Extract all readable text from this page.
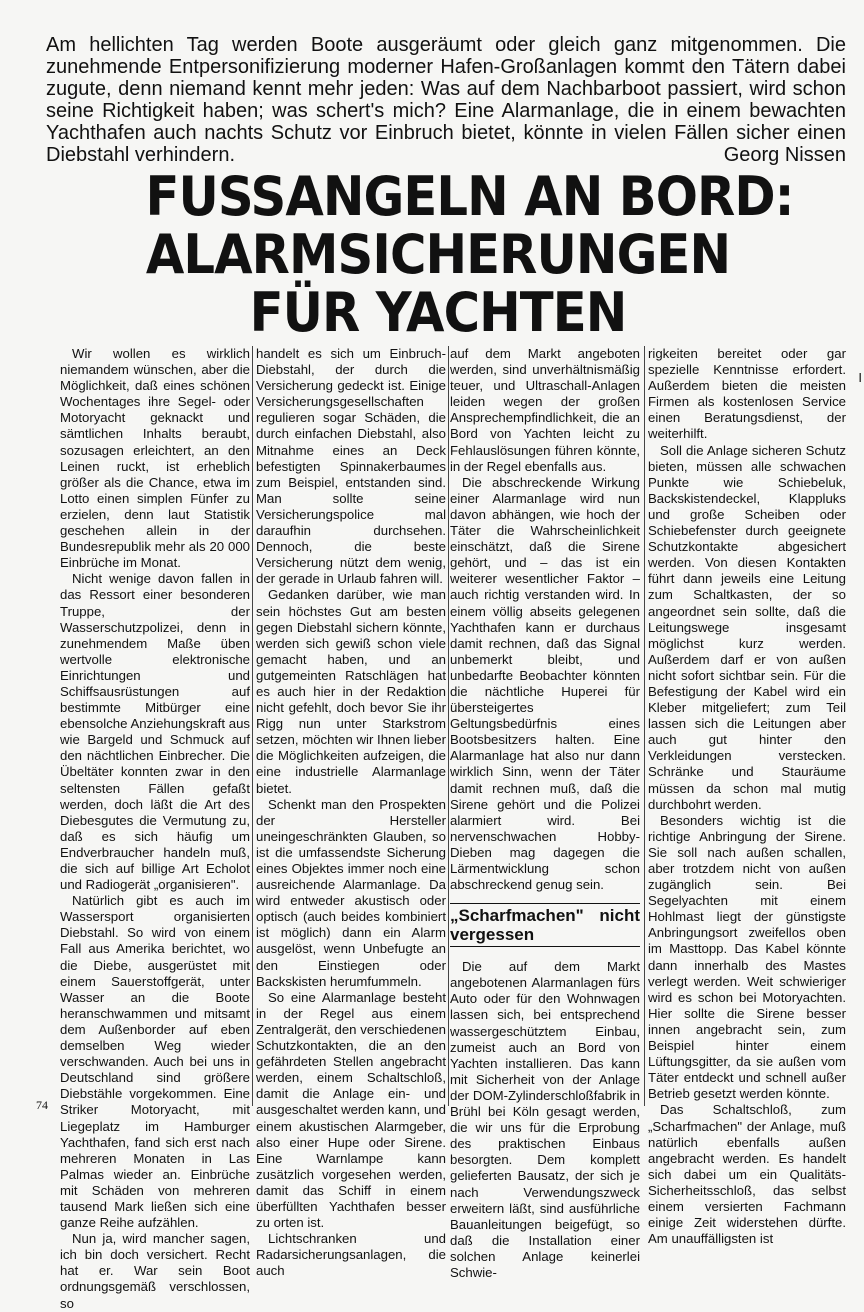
Am hellichten Tag werden Boote ausgeräumt oder gleich ganz mitgenommen. Die zunehmende Entpersonifizierung moderner Hafen-Großanlagen kommt den Tätern dabei zugute, denn niemand kennt mehr jeden: Was auf dem Nachbarboot passiert, wird schon seine Richtigkeit haben; was schert's mich? Eine Alarmanlage, die in einem bewachten Yachthafen auch nachts Schutz vor Einbruch bietet, könnte in vielen Fällen sicher einen Diebstahl verhindern.	Georg Nissen
FUSSANGELN AN BORD:
ALARMSICHERUNGEN
FÜR YACHTEN

Wir wollen es wirklich niemandem wünschen, aber die Möglichkeit, daß eines schönen Wochentages ihre Segel- oder Motoryacht geknackt und sämtlichen Inhalts beraubt, sozusagen erleichtert, an den Leinen ruckt, ist erheblich größer als die Chance, etwa im Lotto einen simplen Fünfer zu erzielen, denn laut Statistik geschehen allein in der Bundesrepublik mehr als 20 000 Einbrüche im Monat.

Nicht wenige davon fallen in das Ressort einer besonderen Truppe, der Wasserschutzpolizei, denn in zunehmendem Maße üben wertvolle elektronische Einrichtungen und Schiffsausrüstungen auf bestimmte Mitbürger eine ebensolche Anziehungskraft aus wie Bargeld und Schmuck auf den nächtlichen Einbrecher. Die Übeltäter konnten zwar in den seltensten Fällen gefaßt werden, doch läßt die Art des Diebesgutes die Vermutung zu, daß es sich häufig um Endverbraucher handeln muß, die sich auf billige Art Echolot und Radiogerät „organisieren".

Natürlich gibt es auch im Wassersport organisierten Diebstahl. So wird von einem Fall aus Amerika berichtet, wo die Diebe, ausgerüstet mit einem Sauerstoffgerät, unter Wasser an die Boote heranschwammen und mitsamt dem Außenborder auf eben demselben Weg wieder verschwanden. Auch bei uns in Deutschland sind größere Diebstähle vorgekommen. Eine Striker Motoryacht, mit Liegeplatz im Hamburger Yachthafen, fand sich erst nach mehreren Monaten in Las Palmas wieder an. Einbrüche mit Schäden von mehreren tausend Mark ließen sich eine ganze Reihe aufzählen.

Nun ja, wird mancher sagen, ich bin doch versichert. Recht hat er. War sein Boot ordnungsgemäß verschlossen, so

handelt es sich um Einbruch-Diebstahl, der durch die Versicherung gedeckt ist. Einige Versicherungsgesellschaften regulieren sogar Schäden, die durch einfachen Diebstahl, also Mitnahme eines an Deck befestigten Spinnakerbaumes zum Beispiel, entstanden sind. Man sollte seine Versicherungspolice mal daraufhin durchsehen. Dennoch, die beste Versicherung nützt dem wenig, der gerade in Urlaub fahren will.

Gedanken darüber, wie man sein höchstes Gut am besten gegen Diebstahl sichern könnte, werden sich gewiß schon viele gemacht haben, und an gutgemeinten Ratschlägen hat es auch hier in der Redaktion nicht gefehlt, doch bevor Sie ihr Rigg nun unter Starkstrom setzen, möchten wir Ihnen lieber die Möglichkeiten aufzeigen, die eine industrielle Alarmanlage bietet.

Schenkt man den Prospekten der Hersteller uneingeschränkten Glauben, so ist die umfassendste Sicherung eines Objektes immer noch eine ausreichende Alarmanlage. Da wird entweder akustisch oder optisch (auch beides kombiniert ist möglich) dann ein Alarm ausgelöst, wenn Unbefugte an den Einstiegen oder Backskisten herumfummeln.

So eine Alarmanlage besteht in der Regel aus einem Zentralgerät, den verschiedenen Schutzkontakten, die an den gefährdeten Stellen angebracht werden, einem Schaltschloß, damit die Anlage ein- und ausgeschaltet werden kann, und einem akustischen Alarmgeber, also einer Hupe oder Sirene. Eine Warnlampe kann zusätzlich vorgesehen werden, damit das Schiff in einem überfüllten Yachthafen besser zu orten ist.

Lichtschranken und Radarsicherungsanlagen, die auch

auf dem Markt angeboten werden, sind unverhältnismäßig teuer, und Ultraschall-Anlagen leiden wegen der großen Ansprechempfindlichkeit, die an Bord von Yachten leicht zu Fehlauslösungen führen könnte, in der Regel ebenfalls aus.

Die abschreckende Wirkung einer Alarmanlage wird nun davon abhängen, wie hoch der Täter die Wahrscheinlichkeit einschätzt, daß die Sirene gehört, und – das ist ein weiterer wesentlicher Faktor – auch richtig verstanden wird. In einem völlig abseits gelegenen Yachthafen kann er durchaus damit rechnen, daß das Signal unbemerkt bleibt, und unbedarfte Beobachter könnten die nächtliche Huperei für übersteigertes Geltungsbedürfnis eines Bootsbesitzers halten. Eine Alarmanlage hat also nur dann wirklich Sinn, wenn der Täter damit rechnen muß, daß die Sirene gehört und die Polizei alarmiert wird. Bei nervenschwachen Hobby-Dieben mag dagegen die Lärmentwicklung schon abschreckend genug sein.

„Scharfmachen" nicht vergessen

Die auf dem Markt angebotenen Alarmanlagen fürs Auto oder für den Wohnwagen lassen sich, bei entsprechend wassergeschütztem Einbau, zumeist auch an Bord von Yachten installieren. Das kann mit Sicherheit von der Anlage der DOM-Zylinderschloßfabrik in Brühl bei Köln gesagt werden, die wir uns für die Erprobung des praktischen Einbaus besorgten. Dem komplett gelieferten Bausatz, der sich je nach Verwendungszweck erweitern läßt, sind ausführliche Bauanleitungen beigefügt, so daß die Installation einer solchen Anlage keinerlei Schwie-

rigkeiten bereitet oder gar spezielle Kenntnisse erfordert. Außerdem bieten die meisten Firmen als kostenlosen Service einen Beratungsdienst, der weiterhilft.

Soll die Anlage sicheren Schutz bieten, müssen alle schwachen Punkte wie Schiebeluk, Backskistendeckel, Klappluks und große Scheiben oder Schiebefenster durch geeignete Schutzkontakte abgesichert werden. Von diesen Kontakten führt dann jeweils eine Leitung zum Schaltkasten, der so angeordnet sein sollte, daß die Leitungswege insgesamt möglichst kurz werden. Außerdem darf er von außen nicht sofort sichtbar sein. Für die Befestigung der Kabel wird ein Kleber mitgeliefert; zum Teil lassen sich die Leitungen aber auch gut hinter den Verkleidungen verstecken. Schränke und Stauräume müssen da schon mal mutig durchbohrt werden.

Besonders wichtig ist die richtige Anbringung der Sirene. Sie soll nach außen schallen, aber trotzdem nicht von außen zugänglich sein. Bei Segelyachten mit einem Hohlmast liegt der günstigste Anbringungsort zweifellos oben im Masttopp. Das Kabel könnte dann innerhalb des Mastes verlegt werden. Weit schwieriger wird es schon bei Motoryachten. Hier sollte die Sirene besser innen angebracht sein, zum Beispiel hinter einem Lüftungsgitter, da sie außen vom Täter entdeckt und schnell außer Betrieb gesetzt werden könnte.

Das Schaltschloß, zum „Scharfmachen" der Anlage, muß natürlich ebenfalls außen angebracht werden. Es handelt sich dabei um ein Qualitäts-Sicherheitsschloß, das selbst einem versierten Fachmann einige Zeit widerstehen dürfte. Am unauffälligsten ist

I
74
